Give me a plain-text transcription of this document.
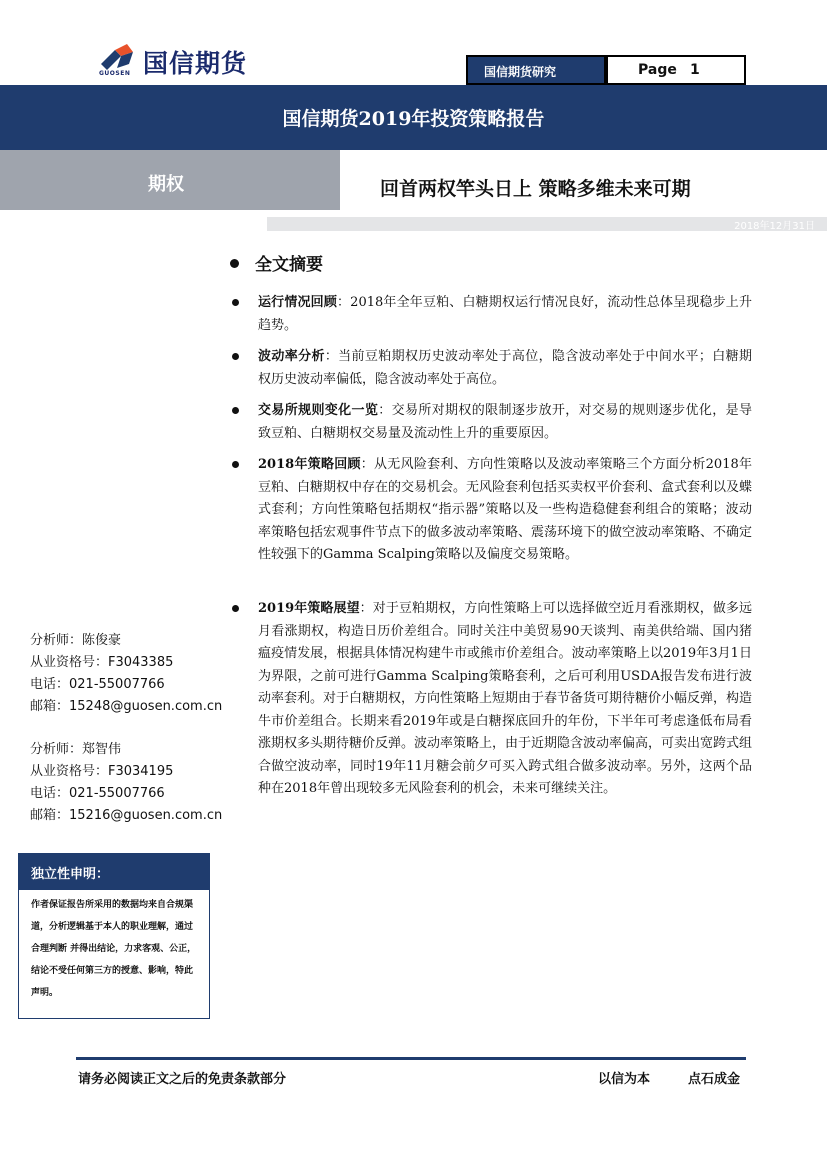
国信期货
GUOSEN	国信期货研究	Page 1
国信期货2019年投资策略报告
期权	回首两权竿头日上 策略多维未来可期
2018年12月31日
全文摘要
运行情况回顾：2018年全年豆粕、白糖期权运行情况良好，流动性总体呈现稳步上升趋势。
波动率分析：当前豆粕期权历史波动率处于高位，隐含波动率处于中间水平；白糖期权历史波动率偏低，隐含波动率处于高位。
交易所规则变化一览：交易所对期权的限制逐步放开，对交易的规则逐步优化，是导致豆粕、白糖期权交易量及流动性上升的重要原因。
2018年策略回顾：从无风险套利、方向性策略以及波动率策略三个方面分析2018年豆粕、白糖期权中存在的交易机会。无风险套利包括买卖权平价套利、盒式套利以及蝶式套利；方向性策略包括期权“指示器”策略以及一些构造稳健套利组合的策略；波动率策略包括宏观事件节点下的做多波动率策略、震荡环境下的做空波动率策略、不确定性较强下的Gamma Scalping策略以及偏度交易策略。
2019年策略展望：对于豆粕期权，方向性策略上可以选择做空近月看涨期权，做多远月看涨期权，构造日历价差组合。同时关注中美贸易90天谈判、南美供给端、国内猪瘟疫情发展，根据具体情况构建牛市或熊市价差组合。波动率策略上以2019年3月1日为界限，之前可进行Gamma Scalping策略套利，之后可利用USDA报告发布进行波动率套利。对于白糖期权，方向性策略上短期由于春节备货可期待糖价小幅反弹，构造牛市价差组合。长期来看2019年或是白糖探底回升的年份，下半年可考虑逢低布局看涨期权多头期待糖价反弹。波动率策略上，由于近期隐含波动率偏高，可卖出宽跨式组合做空波动率，同时19年11月糖会前夕可买入跨式组合做多波动率。另外，这两个品种在2018年曾出现较多无风险套利的机会，未来可继续关注。
分析师：陈俊豪
从业资格号：F3043385
电话：021-55007766
邮箱：15248@guosen.com.cn
分析师：郑智伟
从业资格号：F3034195
电话：021-55007766
邮箱：15216@guosen.com.cn
独立性申明：
作者保证报告所采用的数据均来自合规渠道，分析逻辑基于本人的职业理解，通过合理判断 并得出结论，力求客观、公正，结论不受任何第三方的授意、影响，特此声明。
请务必阅读正文之后的免责条款部分	以信为本	点石成金
